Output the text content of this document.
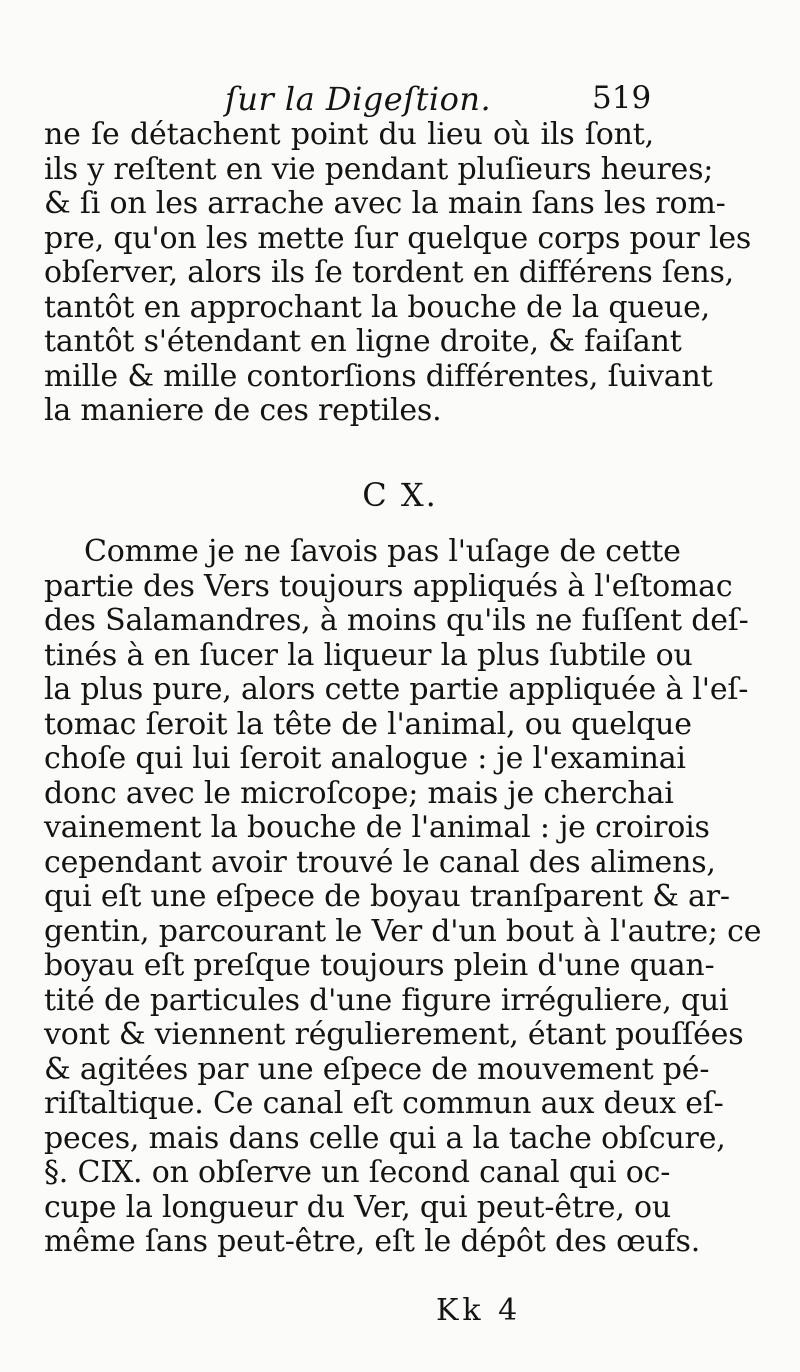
ſur la Digeſtion.	519
ne ſe détachent point du lieu où ils ſont,
ils y reſtent en vie pendant pluſieurs heures;
& ſi on les arrache avec la main ſans les rom-
pre, qu'on les mette ſur quelque corps pour les
obſerver, alors ils ſe tordent en différens ſens,
tantôt en approchant la bouche de la queue,
tantôt s'étendant en ligne droite, & faiſant
mille & mille contorſions différentes, ſuivant
la maniere de ces reptiles.
C X.
Comme je ne ſavois pas l'uſage de cette
partie des Vers toujours appliqués à l'eſtomac
des Salamandres, à moins qu'ils ne fuſſent deſ-
tinés à en ſucer la liqueur la plus ſubtile ou
la plus pure, alors cette partie appliquée à l'eſ-
tomac ſeroit la tête de l'animal, ou quelque
choſe qui lui ſeroit analogue : je l'examinai
donc avec le microſcope; mais je cherchai
vainement la bouche de l'animal : je croirois
cependant avoir trouvé le canal des alimens,
qui eſt une eſpece de boyau tranſparent & ar-
gentin, parcourant le Ver d'un bout à l'autre; ce
boyau eſt preſque toujours plein d'une quan-
tité de particules d'une figure irréguliere, qui
vont & viennent régulierement, étant pouſſées
& agitées par une eſpece de mouvement pé-
riſtaltique. Ce canal eſt commun aux deux eſ-
peces, mais dans celle qui a la tache obſcure,
§. CIX. on obſerve un ſecond canal qui oc-
cupe la longueur du Ver, qui peut-être, ou
même ſans peut-être, eſt le dépôt des œufs.
Kk 4
